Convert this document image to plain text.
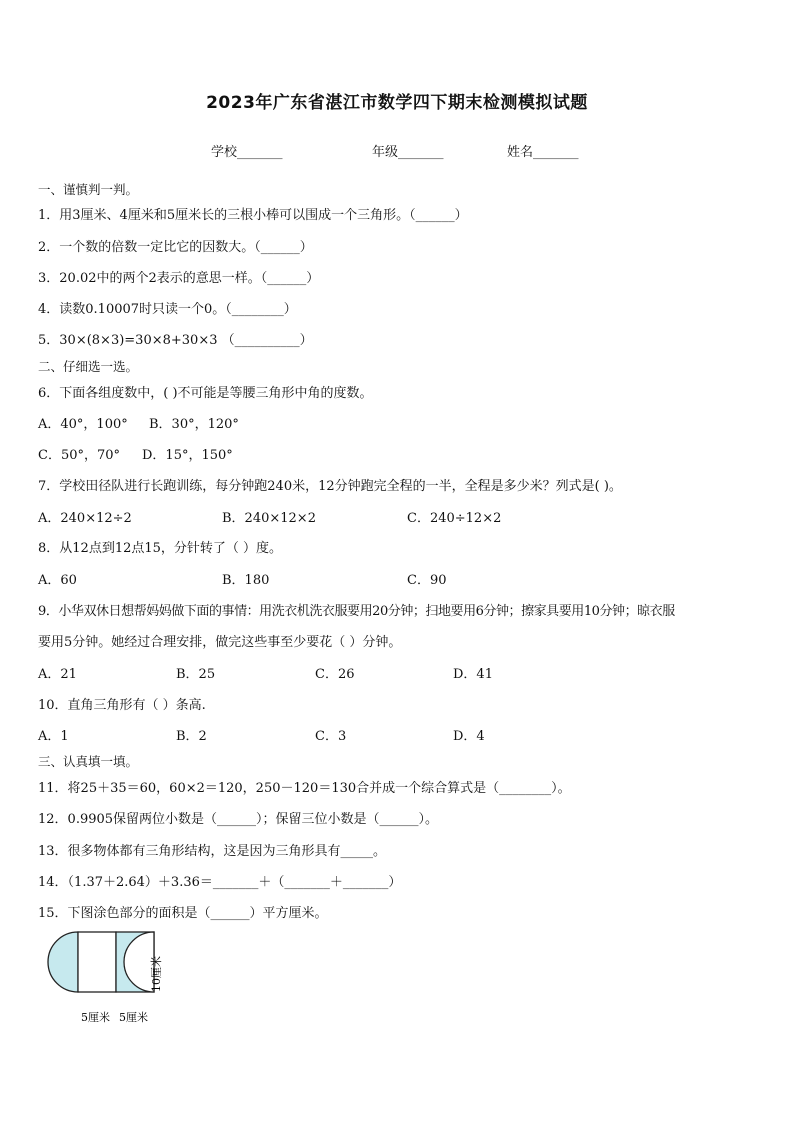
2023年广东省湛江市数学四下期末检测模拟试题
学校_______	年级_______	姓名_______
一、谨慎判一判。
1．用3厘米、4厘米和5厘米长的三根小棒可以围成一个三角形。（______）
2．一个数的倍数一定比它的因数大。（______）
3．20.02中的两个2表示的意思一样。（______）
4．读数0.10007时只读一个0。（________）
5．30×(8×3)=30×8+30×3 （__________）
二、仔细选一选。
6．下面各组度数中，( )不可能是等腰三角形中角的度数。
A．40°，100° B．30°，120°
C．50°，70° D．15°，150°
7．学校田径队进行长跑训练，每分钟跑240米，12分钟跑完全程的一半，全程是多少米？列式是( )。
A．240×12÷2	B．240×12×2	C．240÷12×2
8．从12点到12点15，分针转了（ ）度。
A．60	B．180	C．90
9．小华双休日想帮妈妈做下面的事情：用洗衣机洗衣服要用20分钟；扫地要用6分钟；擦家具要用10分钟；晾衣服
要用5分钟。她经过合理安排，做完这些事至少要花（ ）分钟。
A．21	B．25	C．26	D．41
10．直角三角形有（ ）条高.
A．1	B．2	C．3	D．4
三、认真填一填。
11．将25＋35＝60，60×2＝120，250－120＝130合并成一个综合算式是（________）。
12．0.9905保留两位小数是（______）；保留三位小数是（______）。
13．很多物体都有三角形结构，这是因为三角形具有_____。
14．（1.37＋2.64）＋3.36＝_______＋（_______＋_______）
15．下图涂色部分的面积是（______）平方厘米。
5厘米 5厘米
10厘米
